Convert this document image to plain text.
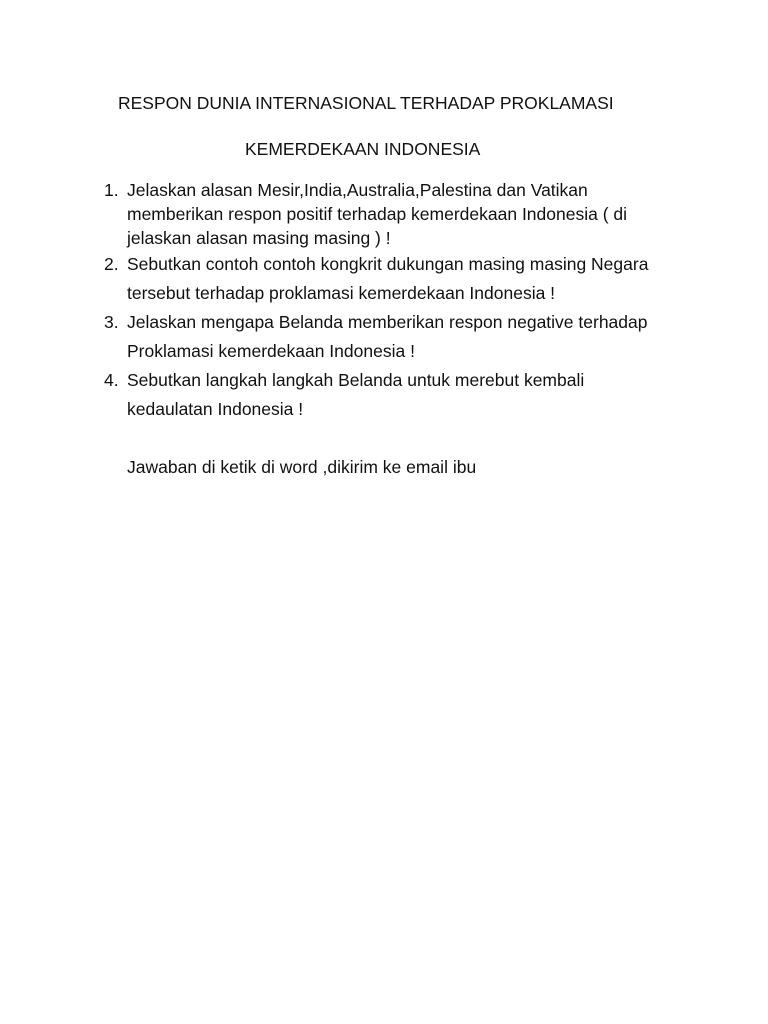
RESPON DUNIA INTERNASIONAL TERHADAP PROKLAMASI
KEMERDEKAAN INDONESIA
1. Jelaskan alasan Mesir,India,Australia,Palestina dan Vatikan
memberikan respon positif terhadap kemerdekaan Indonesia ( di
jelaskan alasan masing masing ) !
2. Sebutkan contoh contoh kongkrit dukungan masing masing Negara
tersebut terhadap proklamasi kemerdekaan Indonesia !
3. Jelaskan mengapa Belanda memberikan respon negative terhadap
Proklamasi kemerdekaan Indonesia !
4. Sebutkan langkah langkah Belanda untuk merebut kembali
kedaulatan Indonesia !
Jawaban di ketik di word ,dikirim ke email ibu
